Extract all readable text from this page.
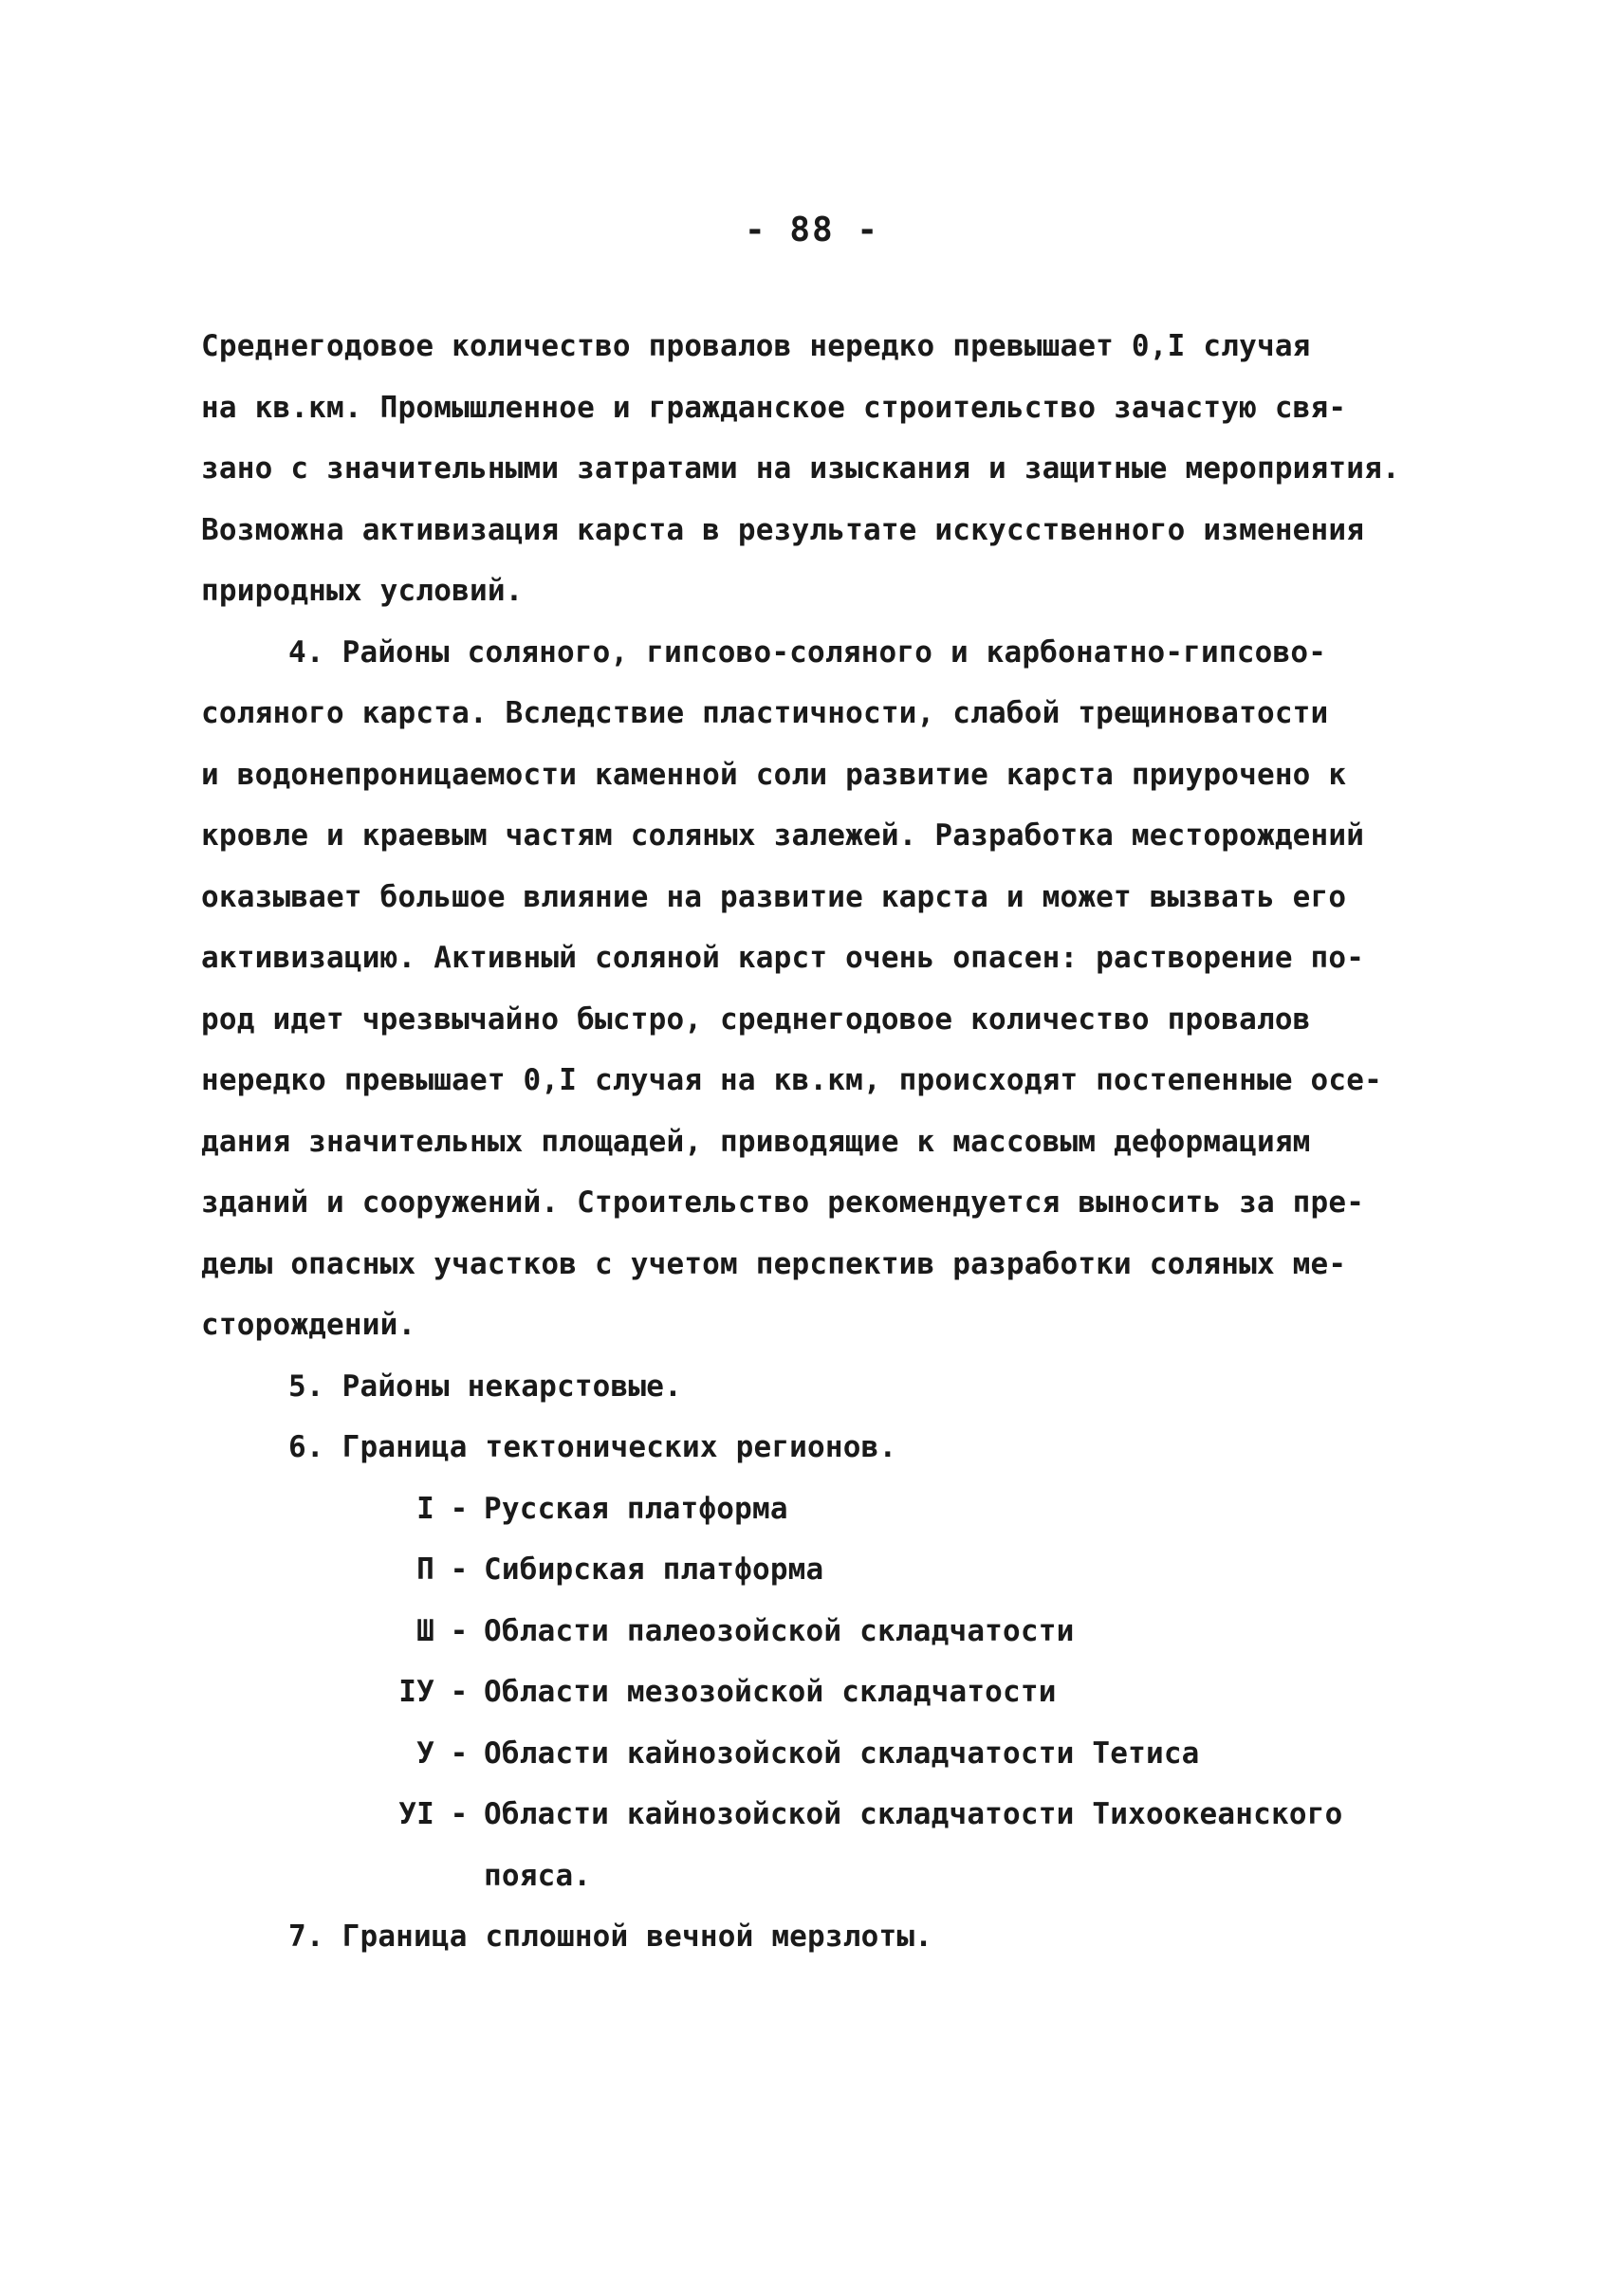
- 88 -
Среднегодовое количество провалов нередко превышает 0,I случая
на кв.км. Промышленное и гражданское строительство зачастую свя-
зано с значительными затратами на изыскания и защитные мероприятия.
Возможна активизация карста в результате искусственного изменения
природных условий.
4. Районы соляного, гипсово-соляного и карбонатно-гипсово-
соляного карста. Вследствие пластичности, слабой трещиноватости
и водонепроницаемости каменной соли развитие карста приурочено к
кровле и краевым частям соляных залежей. Разработка месторождений
оказывает большое влияние на развитие карста и может вызвать его
активизацию. Активный соляной карст очень опасен: растворение по-
род идет чрезвычайно быстро, среднегодовое количество провалов
нередко превышает 0,I случая на кв.км, происходят постепенные осе-
дания значительных площадей, приводящие к массовым деформациям
зданий и сооружений. Строительство рекомендуется выносить за пре-
делы опасных участков с учетом перспектив разработки соляных ме-
сторождений.
5. Районы некарстовые.
6. Граница тектонических регионов.
I - Русская платформа
П - Сибирская платформа
Ш - Области палеозойской складчатости
IУ - Области мезозойской складчатости
У - Области кайнозойской складчатости Тетиса
УI - Области кайнозойской складчатости Тихоокеанского
пояса.
7. Граница сплошной вечной мерзлоты.
